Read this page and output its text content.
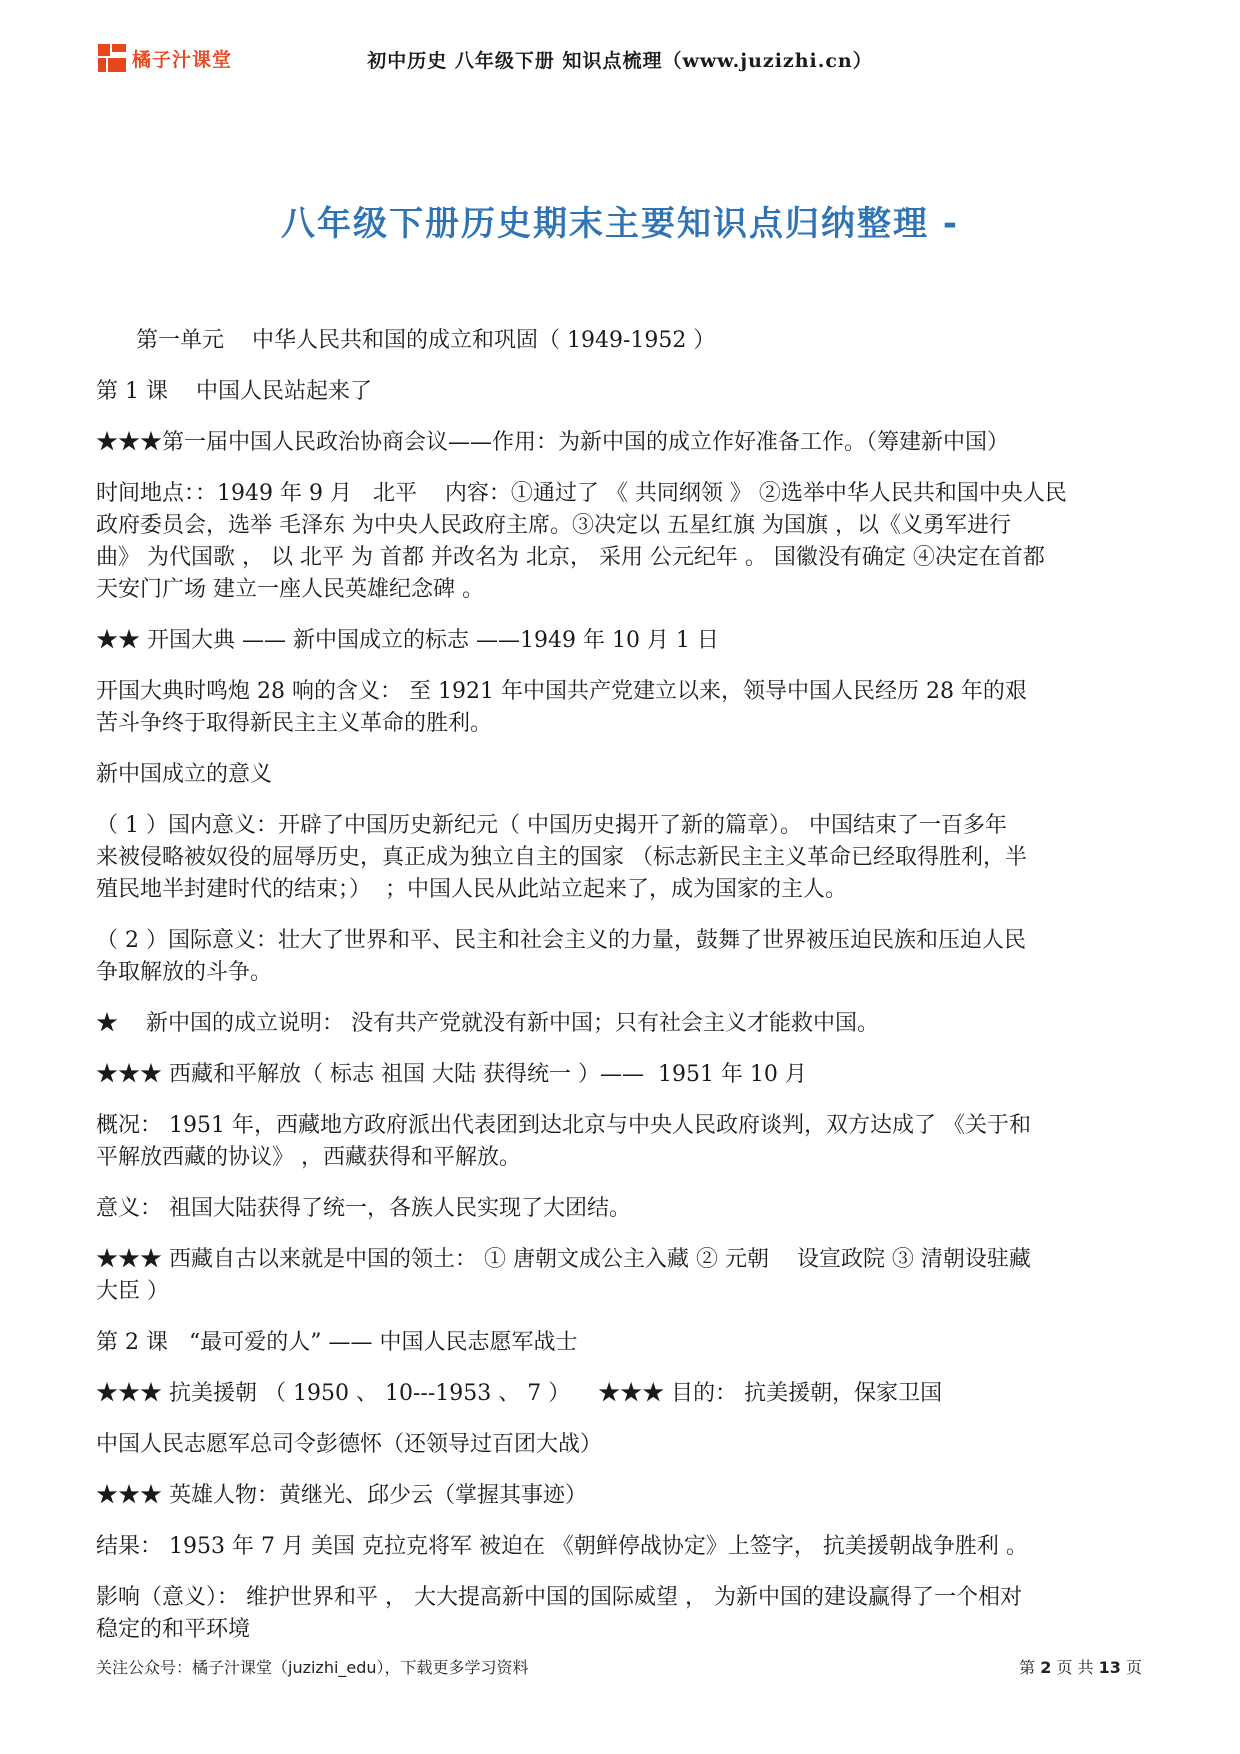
橘子汁课堂	初中历史 八年级下册 知识点梳理（www.juzizhi.cn）
八年级下册历史期末主要知识点归纳整理 -
第一单元    中华人民共和国的成立和巩固（ 1949-1952 ）
第 1 课    中国人民站起来了
★★★第一届中国人民政治协商会议——作用：为新中国的成立作好准备工作。（筹建新中国）
时间地点：：1949 年 9 月   北平    内容：①通过了 《 共同纲领 》 ②选举中华人民共和国中央人民
政府委员会，选举 毛泽东 为中央人民政府主席。③决定以 五星红旗 为国旗 ，以《义勇军进行
曲》 为代国歌 ， 以 北平 为 首都 并改名为 北京， 采用 公元纪年 。 国徽没有确定 ④决定在首都
天安门广场 建立一座人民英雄纪念碑 。
★★ 开国大典 —— 新中国成立的标志 ——1949 年 10 月 1 日
开国大典时鸣炮 28 响的含义： 至 1921 年中国共产党建立以来，领导中国人民经历 28 年的艰
苦斗争终于取得新民主主义革命的胜利。
新中国成立的意义
（ 1 ）国内意义：开辟了中国历史新纪元（ 中国历史揭开了新的篇章）。 中国结束了一百多年
来被侵略被奴役的屈辱历史，真正成为独立自主的国家 （标志新民主主义革命已经取得胜利，半
殖民地半封建时代的结束；）  ；中国人民从此站立起来了，成为国家的主人。
（ 2 ）国际意义：壮大了世界和平、民主和社会主义的力量，鼓舞了世界被压迫民族和压迫人民
争取解放的斗争。
★    新中国的成立说明： 没有共产党就没有新中国；只有社会主义才能救中国。
★★★ 西藏和平解放（ 标志 祖国 大陆 获得统一 ）——  1951 年 10 月
概况： 1951 年，西藏地方政府派出代表团到达北京与中央人民政府谈判，双方达成了 《关于和
平解放西藏的协议》 ，西藏获得和平解放。
意义： 祖国大陆获得了统一，各族人民实现了大团结。
★★★ 西藏自古以来就是中国的领土： ① 唐朝文成公主入藏 ② 元朝    设宣政院 ③ 清朝设驻藏
大臣 ）
第 2 课   “最可爱的人” —— 中国人民志愿军战士
★★★ 抗美援朝 （ 1950 、 10---1953 、 7 ）    ★★★ 目的： 抗美援朝，保家卫国
中国人民志愿军总司令彭德怀（还领导过百团大战）
★★★ 英雄人物：黄继光、邱少云（掌握其事迹）
结果： 1953 年 7 月 美国 克拉克将军 被迫在 《朝鲜停战协定》上签字， 抗美援朝战争胜利 。
影响（意义）： 维护世界和平 ， 大大提高新中国的国际威望 ， 为新中国的建设赢得了一个相对
稳定的和平环境
关注公众号：橘子汁课堂（juzizhi_edu），下载更多学习资料	第 2 页 共 13 页
